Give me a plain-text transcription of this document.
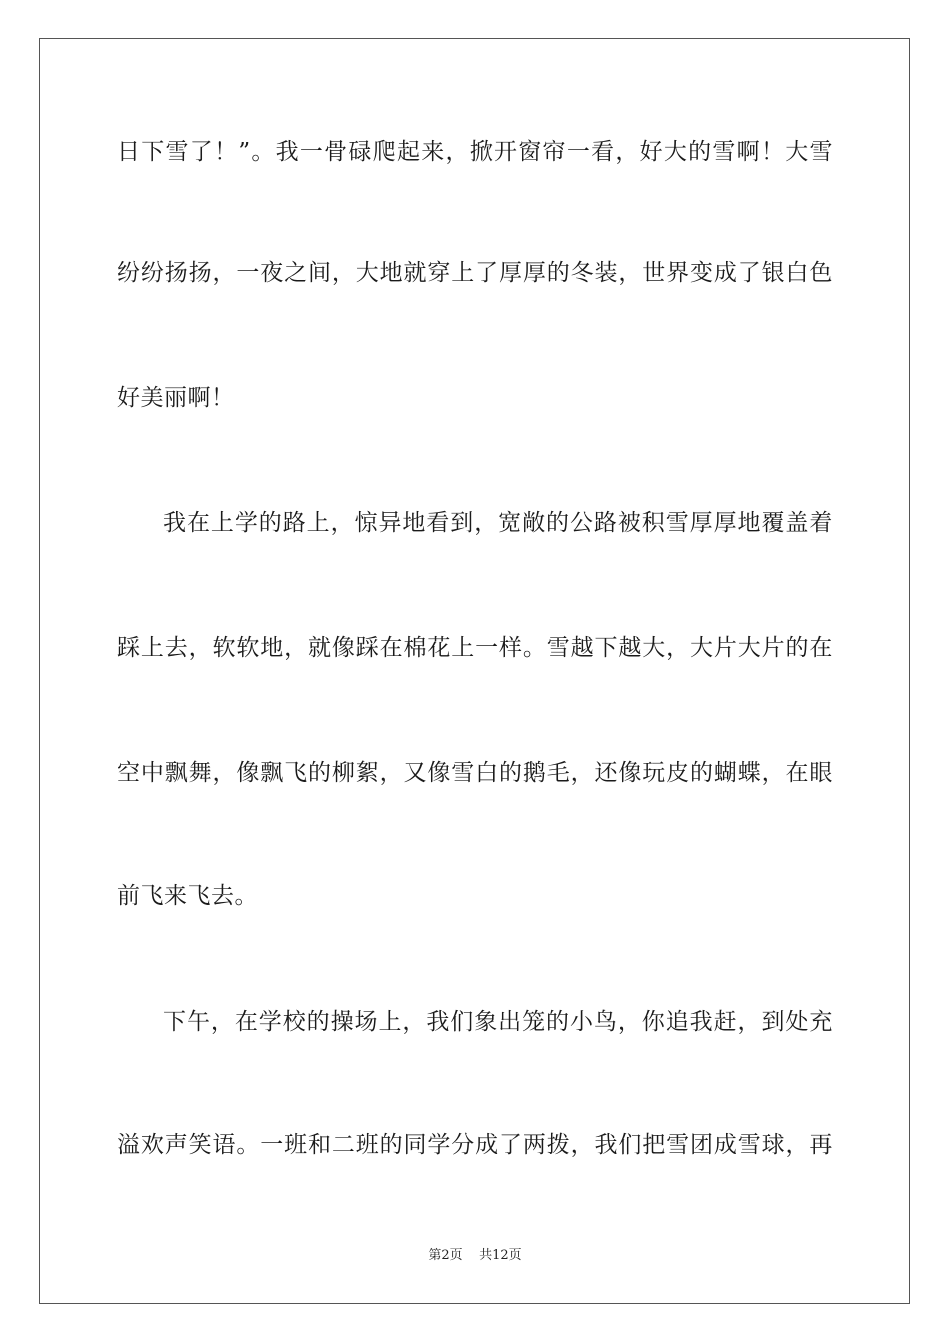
日 下 雪 了 ！ ” 。 我 一 骨 碌 爬 起 来 ， 掀 开 窗 帘 一 看 ， 好 大 的 雪 啊 ！ 大 雪
纷 纷 扬 扬 ， 一 夜 之 间 ， 大 地 就 穿 上 了 厚 厚 的 冬 装 ， 世 界 变 成 了 银 白 色
好美丽啊！
我 在 上 学 的 路 上 ， 惊 异 地 看 到 ， 宽 敞 的 公 路 被 积 雪 厚 厚 地 覆 盖 着
踩 上 去 ， 软 软 地 ， 就 像 踩 在 棉 花 上 一 样 。 雪 越 下 越 大 ， 大 片 大 片 的 在
空 中 飘 舞 ， 像 飘 飞 的 柳 絮 ， 又 像 雪 白 的 鹅 毛 ， 还 像 玩 皮 的 蝴 蝶 ， 在 眼
前飞来飞去。
下 午 ， 在 学 校 的 操 场 上 ， 我 们 象 出 笼 的 小 鸟 ， 你 追 我 赶 ， 到 处 充
溢 欢 声 笑 语 。 一 班 和 二 班 的 同 学 分 成 了 两 拨 ， 我 们 把 雪 团 成 雪 球 ， 再
第2页 共12页
